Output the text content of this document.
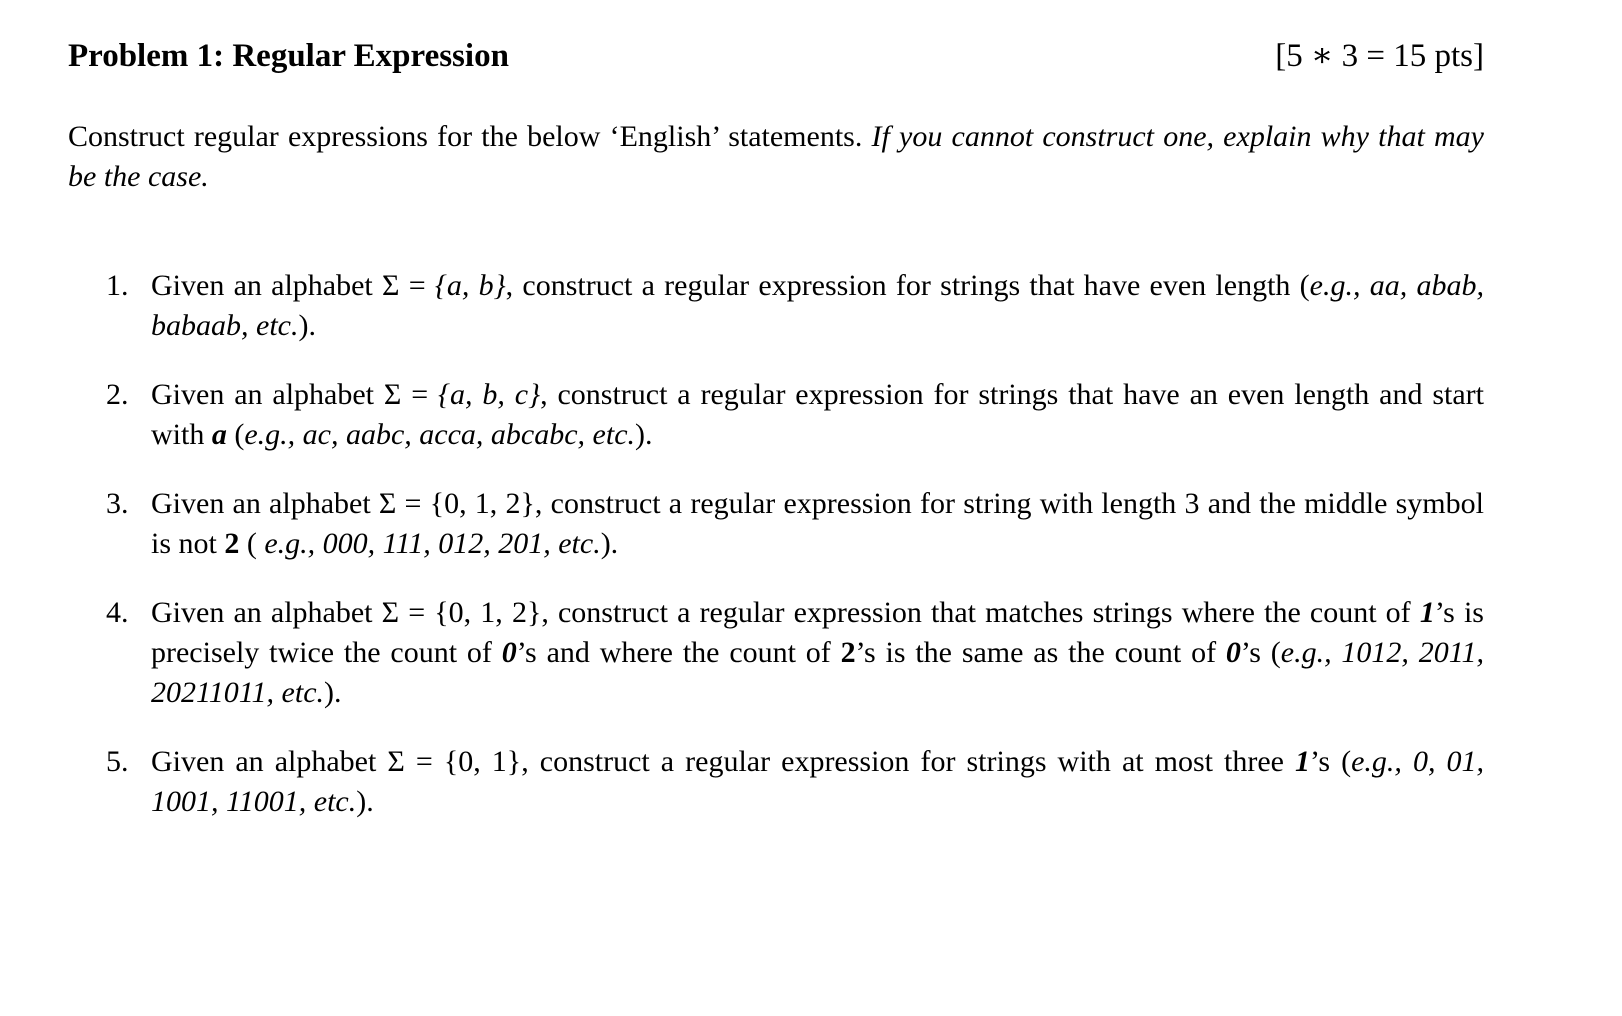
Problem 1: Regular Expression	[5 ∗ 3 = 15 pts]

Construct regular expressions for the below ‘English’ statements. If you cannot construct one, explain why that may be the case.

1. Given an alphabet Σ = {a, b}, construct a regular expression for strings that have even length (e.g., aa, abab, babaab, etc.).
2. Given an alphabet Σ = {a, b, c}, construct a regular expression for strings that have an even length and start with a (e.g., ac, aabc, acca, abcabc, etc.).
3. Given an alphabet Σ = {0, 1, 2}, construct a regular expression for string with length 3 and the middle symbol is not 2 ( e.g., 000, 111, 012, 201, etc.).
4. Given an alphabet Σ = {0, 1, 2}, construct a regular expression that matches strings where the count of 1’s is precisely twice the count of 0’s and where the count of 2’s is the same as the count of 0’s (e.g., 1012, 2011, 20211011, etc.).
5. Given an alphabet Σ = {0, 1}, construct a regular expression for strings with at most three 1’s (e.g., 0, 01, 1001, 11001, etc.).
